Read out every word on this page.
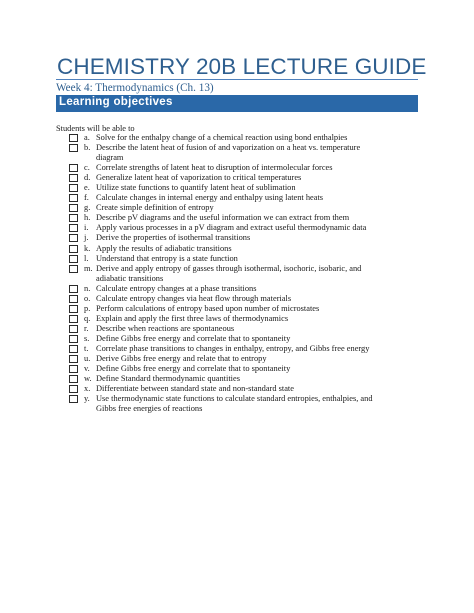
CHEMISTRY 20B LECTURE GUIDE
Week 4: Thermodynamics (Ch. 13)
Learning objectives
Students will be able to
a. Solve for the enthalpy change of a chemical reaction using bond enthalpies
b. Describe the latent heat of fusion of and vaporization on a heat vs. temperature
diagram
c. Correlate strengths of latent heat to disruption of intermolecular forces
d. Generalize latent heat of vaporization to critical temperatures
e. Utilize state functions to quantify latent heat of sublimation
f. Calculate changes in internal energy and enthalpy using latent heats
g. Create simple definition of entropy
h. Describe pV diagrams and the useful information we can extract from them
i. Apply various processes in a pV diagram and extract useful thermodynamic data
j. Derive the properties of isothermal transitions
k. Apply the results of adiabatic transitions
l. Understand that entropy is a state function
m. Derive and apply entropy of gasses through isothermal, isochoric, isobaric, and
adiabatic transitions
n. Calculate entropy changes at a phase transitions
o. Calculate entropy changes via heat flow through materials
p. Perform calculations of entropy based upon number of microstates
q. Explain and apply the first three laws of thermodynamics
r. Describe when reactions are spontaneous
s. Define Gibbs free energy and correlate that to spontaneity
t. Correlate phase transitions to changes in enthalpy, entropy, and Gibbs free energy
u. Derive Gibbs free energy and relate that to entropy
v. Define Gibbs free energy and correlate that to spontaneity
w. Define Standard thermodynamic quantities
x. Differentiate between standard state and non-standard state
y. Use thermodynamic state functions to calculate standard entropies, enthalpies, and
Gibbs free energies of reactions
